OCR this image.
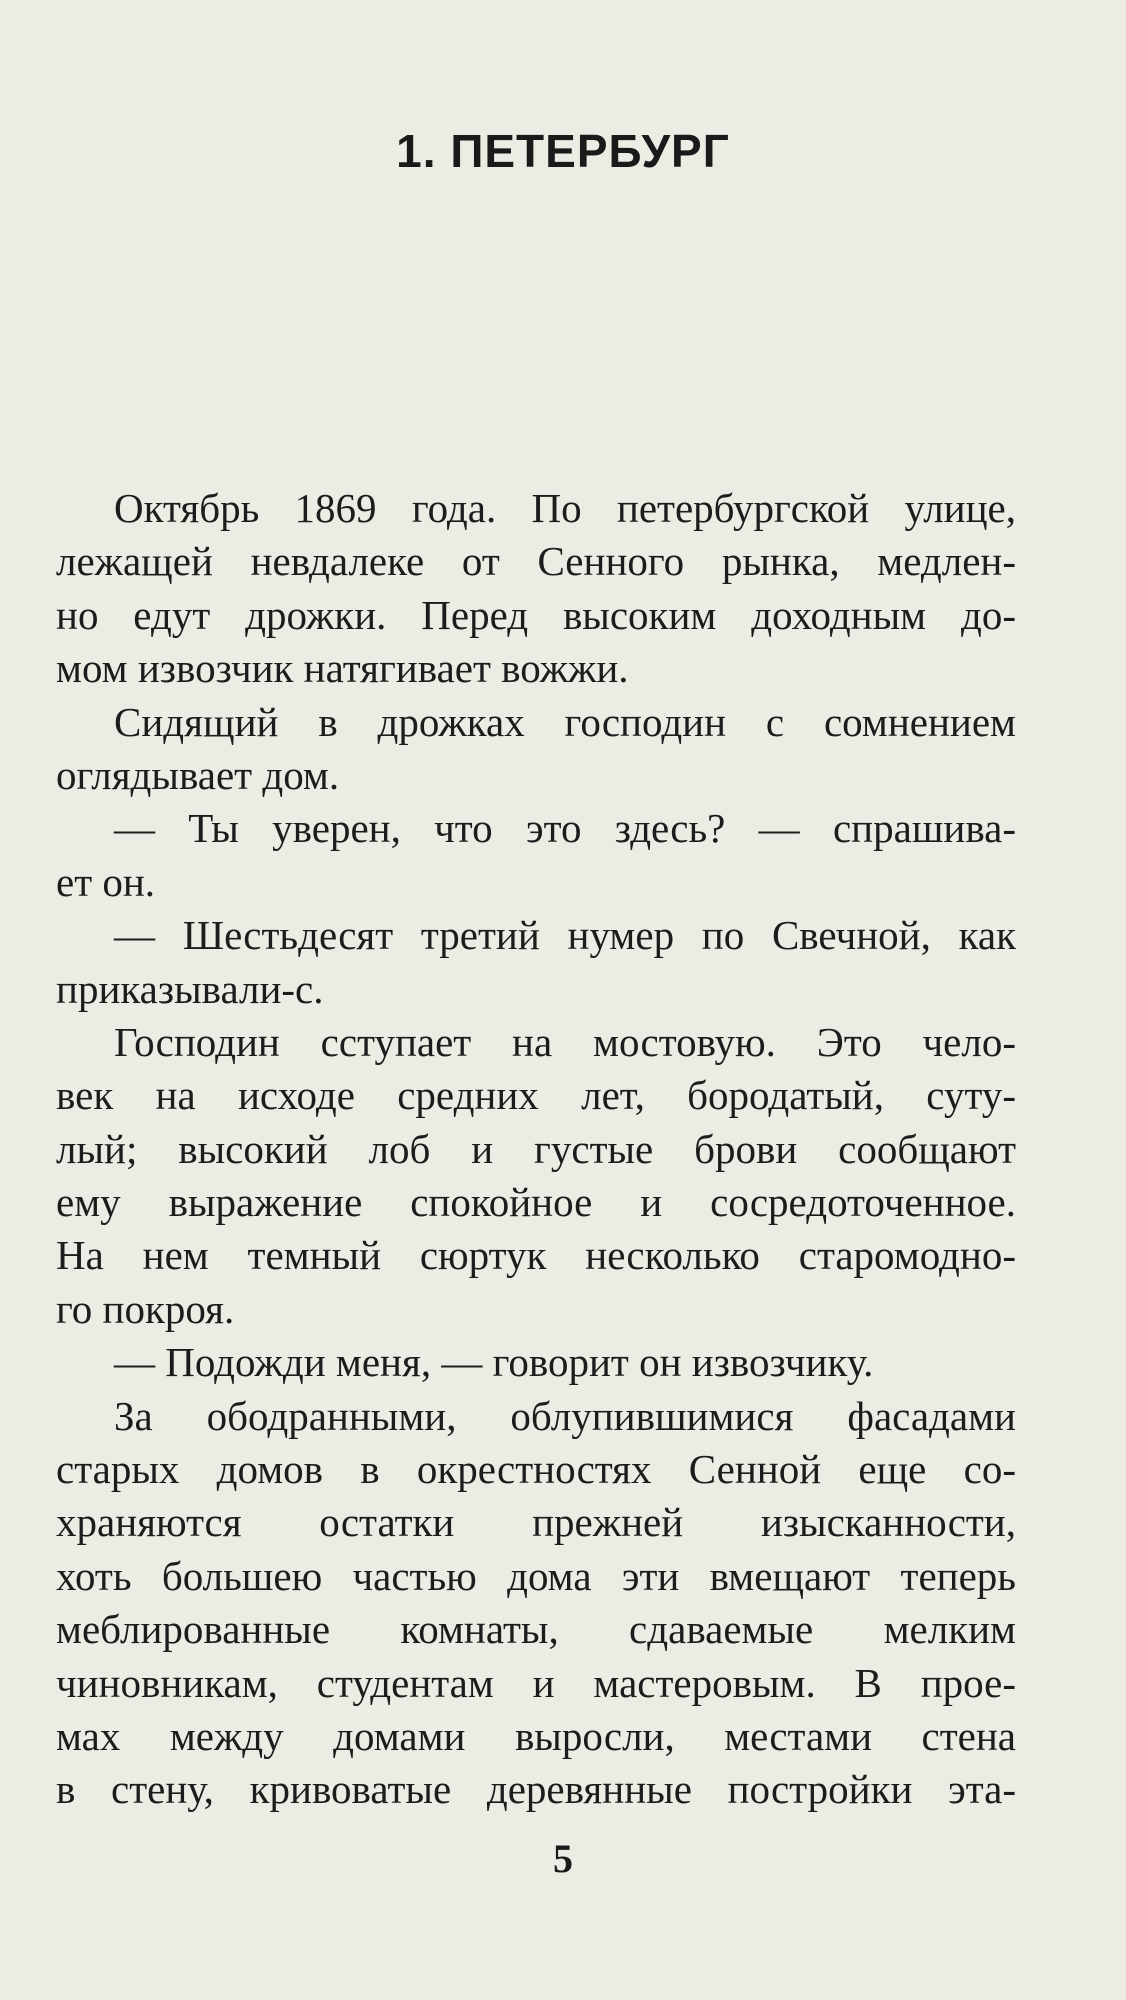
1. ПЕТЕРБУРГ
Октябрь 1869 года. По петербургской улице,
лежащей невдалеке от Сенного рынка, медлен-
но едут дрожки. Перед высоким доходным до-
мом извозчик натягивает вожжи.
Сидящий в дрожках господин с сомнением
оглядывает дом.
— Ты уверен, что это здесь? — спрашива-
ет он.
— Шестьдесят третий нумер по Свечной, как
приказывали-с.
Господин сступает на мостовую. Это чело-
век на исходе средних лет, бородатый, суту-
лый; высокий лоб и густые брови сообщают
ему выражение спокойное и сосредоточенное.
На нем темный сюртук несколько старомодно-
го покроя.
— Подожди меня, — говорит он извозчику.
За ободранными, облупившимися фасадами
старых домов в окрестностях Сенной еще со-
храняются остатки прежней изысканности,
хоть большею частью дома эти вмещают теперь
меблированные комнаты, сдаваемые мелким
чиновникам, студентам и мастеровым. В прое-
мах между домами выросли, местами стена
в стену, кривоватые деревянные постройки эта-
5
